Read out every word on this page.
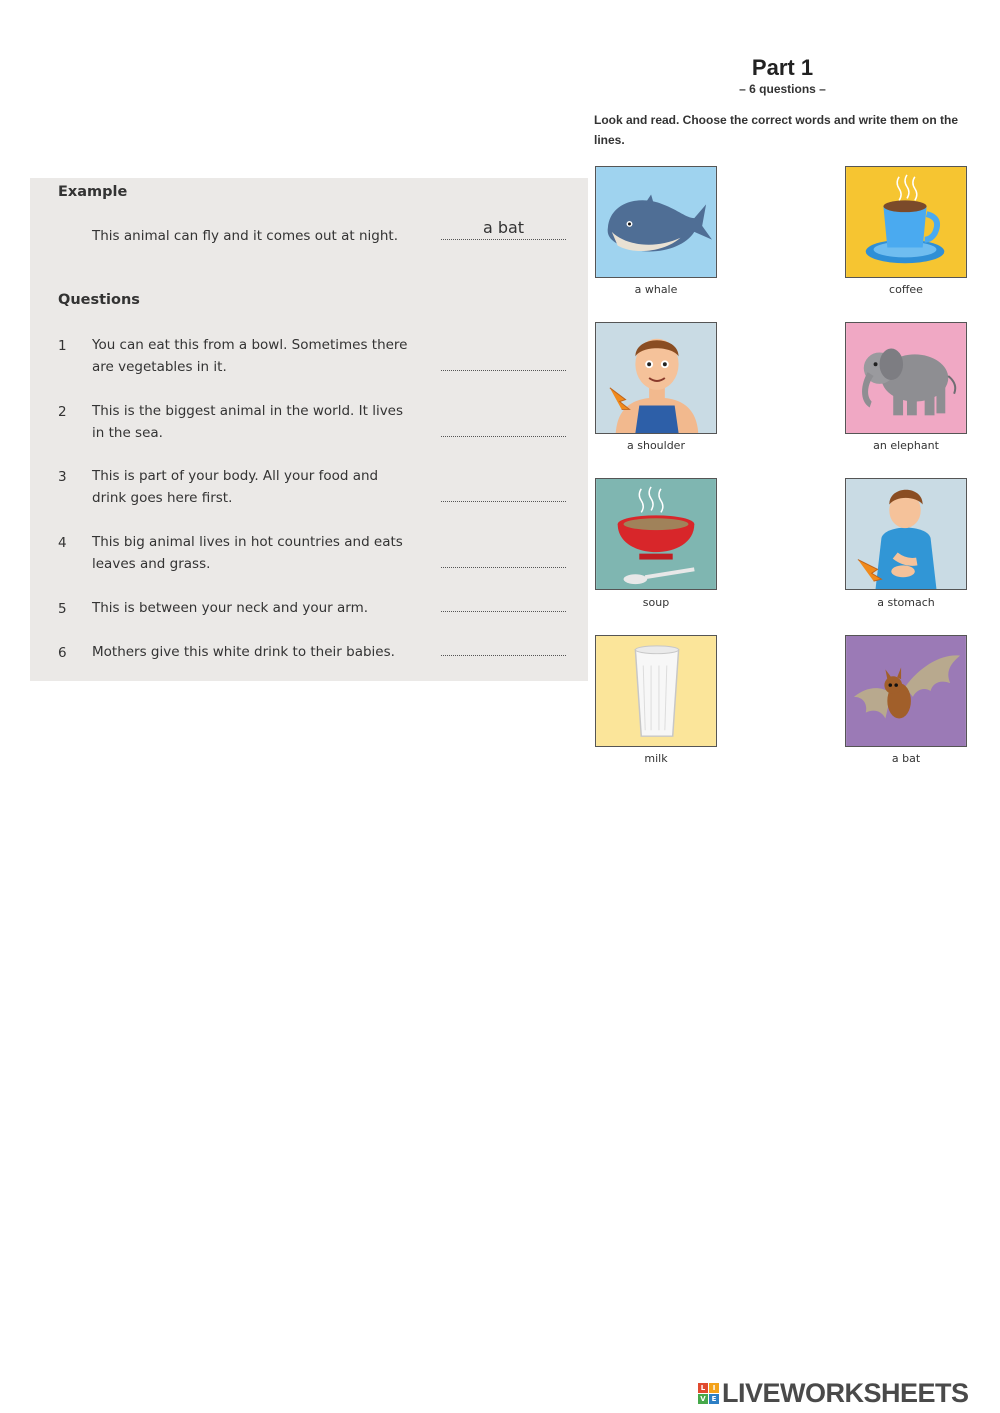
Part 1
– 6 questions –
Look and read. Choose the correct words and write them on the lines.
Example
This animal can fly and it comes out at night.	a bat
Questions
1 You can eat this from a bowl. Sometimes there
are vegetables in it.
2 This is the biggest animal in the world. It lives
in the sea.
3 This is part of your body. All your food and
drink goes here first.
4 This big animal lives in hot countries and eats
leaves and grass.
5 This is between your neck and your arm.
6 Mothers give this white drink to their babies.
a whale	coffee
a shoulder	an elephant
soup	a stomach
milk	a bat
L	I
V E LIVEWORKSHEETS
